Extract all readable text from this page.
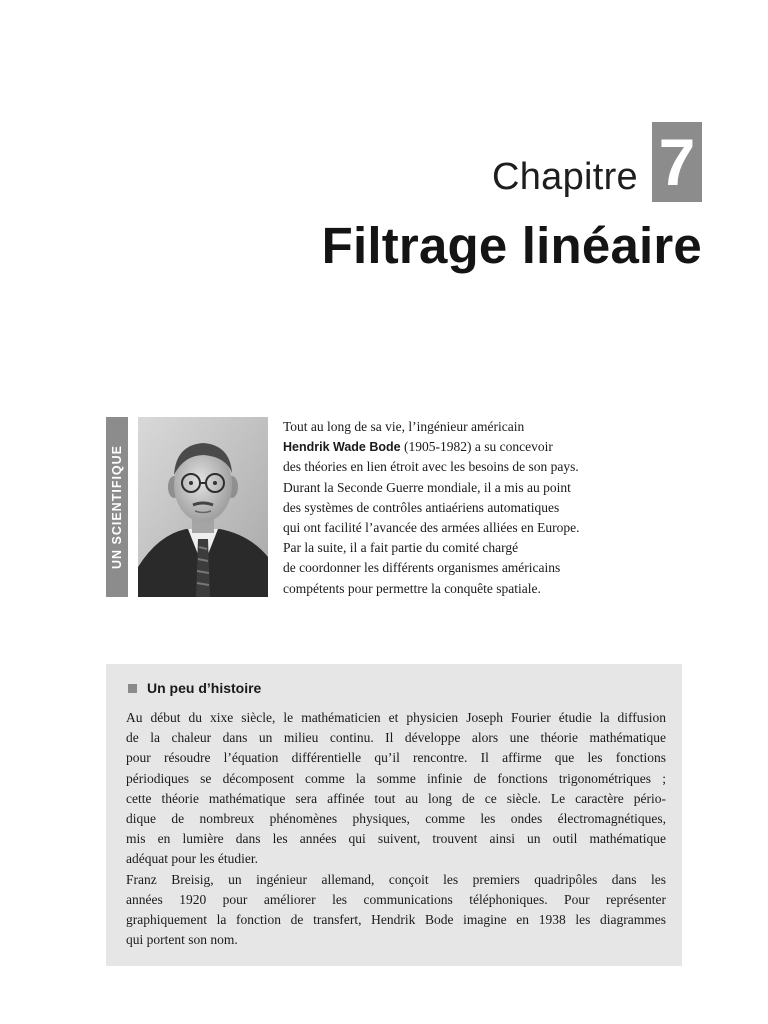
Chapitre 7
Filtrage linéaire
UN SCIENTIFIQUE
Tout au long de sa vie, l’ingénieur américain
Hendrik Wade Bode (1905-1982) a su concevoir
des théories en lien étroit avec les besoins de son pays.
Durant la Seconde Guerre mondiale, il a mis au point
des systèmes de contrôles antiaériens automatiques
qui ont facilité l’avancée des armées alliées en Europe.
Par la suite, il a fait partie du comité chargé
de coordonner les différents organismes américains
compétents pour permettre la conquête spatiale.
Un peu d’histoire
Au début du xixe siècle, le mathématicien et physicien Joseph Fourier étudie la diffusion
de la chaleur dans un milieu continu. Il développe alors une théorie mathématique
pour résoudre l’équation différentielle qu’il rencontre. Il affirme que les fonctions
périodiques se décomposent comme la somme infinie de fonctions trigonométriques ;
cette théorie mathématique sera affinée tout au long de ce siècle. Le caractère pério-
dique de nombreux phénomènes physiques, comme les ondes électromagnétiques,
mis en lumière dans les années qui suivent, trouvent ainsi un outil mathématique
adéquat pour les étudier.
Franz Breisig, un ingénieur allemand, conçoit les premiers quadripôles dans les
années 1920 pour améliorer les communications téléphoniques. Pour représenter
graphiquement la fonction de transfert, Hendrik Bode imagine en 1938 les diagrammes
qui portent son nom.
